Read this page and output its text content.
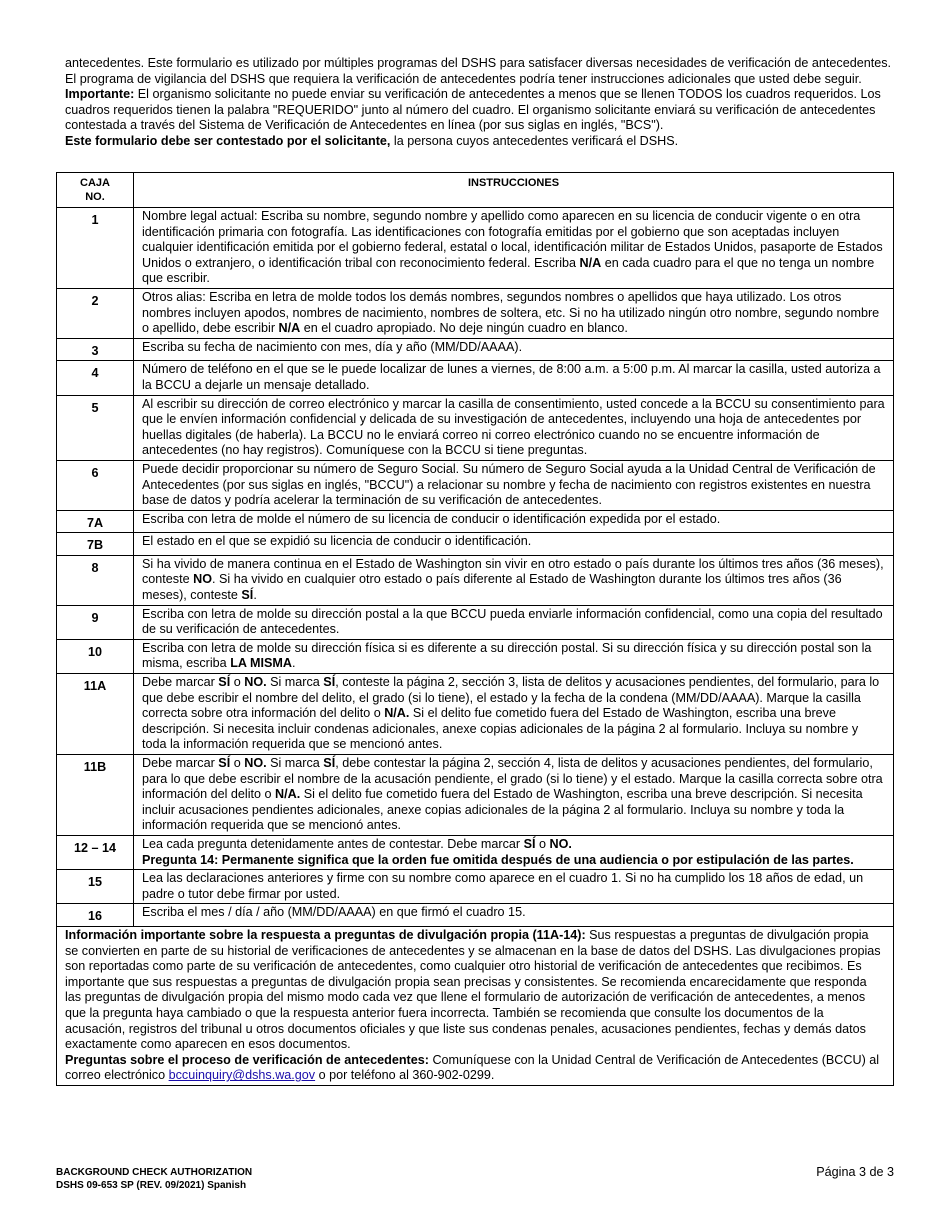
antecedentes. Este formulario es utilizado por múltiples programas del DSHS para satisfacer diversas necesidades de verificación de antecedentes. El programa de vigilancia del DSHS que requiera la verificación de antecedentes podría tener instrucciones adicionales que usted debe seguir.

Importante: El organismo solicitante no puede enviar su verificación de antecedentes a menos que se llenen TODOS los cuadros requeridos. Los cuadros requeridos tienen la palabra "REQUERIDO" junto al número del cuadro. El organismo solicitante enviará su verificación de antecedentes contestada a través del Sistema de Verificación de Antecedentes en línea (por sus siglas en inglés, "BCS").

Este formulario debe ser contestado por el solicitante, la persona cuyos antecedentes verificará el DSHS.

CAJA
NO.	INSTRUCCIONES
1	Nombre legal actual: Escriba su nombre, segundo nombre y apellido como aparecen en su licencia de conducir vigente o en otra identificación primaria con fotografía. Las identificaciones con fotografía emitidas por el gobierno que son aceptadas incluyen cualquier identificación emitida por el gobierno federal, estatal o local, identificación militar de Estados Unidos, pasaporte de Estados Unidos o extranjero, o identificación tribal con reconocimiento federal. Escriba N/A en cada cuadro para el que no tenga un nombre que escribir.
2	Otros alias: Escriba en letra de molde todos los demás nombres, segundos nombres o apellidos que haya utilizado. Los otros nombres incluyen apodos, nombres de nacimiento, nombres de soltera, etc. Si no ha utilizado ningún otro nombre, segundo nombre o apellido, debe escribir N/A en el cuadro apropiado. No deje ningún cuadro en blanco.
3	Escriba su fecha de nacimiento con mes, día y año (MM/DD/AAAA).
4	Número de teléfono en el que se le puede localizar de lunes a viernes, de 8:00 a.m. a 5:00 p.m. Al marcar la casilla, usted autoriza a la BCCU a dejarle un mensaje detallado.
5	Al escribir su dirección de correo electrónico y marcar la casilla de consentimiento, usted concede a la BCCU su consentimiento para que le envíen información confidencial y delicada de su investigación de antecedentes, incluyendo una hoja de antecedentes por huellas digitales (de haberla). La BCCU no le enviará correo ni correo electrónico cuando no se encuentre información de antecedentes (no hay registros). Comuníquese con la BCCU si tiene preguntas.
6	Puede decidir proporcionar su número de Seguro Social. Su número de Seguro Social ayuda a la Unidad Central de Verificación de Antecedentes (por sus siglas en inglés, "BCCU") a relacionar su nombre y fecha de nacimiento con registros existentes en nuestra base de datos y podría acelerar la terminación de su verificación de antecedentes.
7A	Escriba con letra de molde el número de su licencia de conducir o identificación expedida por el estado.
7B	El estado en el que se expidió su licencia de conducir o identificación.
8	Si ha vivido de manera continua en el Estado de Washington sin vivir en otro estado o país durante los últimos tres años (36 meses), conteste NO. Si ha vivido en cualquier otro estado o país diferente al Estado de Washington durante los últimos tres años (36 meses), conteste SÍ.
9	Escriba con letra de molde su dirección postal a la que BCCU pueda enviarle información confidencial, como una copia del resultado de su verificación de antecedentes.
10	Escriba con letra de molde su dirección física si es diferente a su dirección postal. Si su dirección física y su dirección postal son la misma, escriba LA MISMA.
11A	Debe marcar SÍ o NO. Si marca SÍ, conteste la página 2, sección 3, lista de delitos y acusaciones pendientes, del formulario, para lo que debe escribir el nombre del delito, el grado (si lo tiene), el estado y la fecha de la condena (MM/DD/AAAA). Marque la casilla correcta sobre otra información del delito o N/A. Si el delito fue cometido fuera del Estado de Washington, escriba una breve descripción. Si necesita incluir condenas adicionales, anexe copias adicionales de la página 2 al formulario. Incluya su nombre y toda la información requerida que se mencionó antes.
11B	Debe marcar SÍ o NO. Si marca SÍ, debe contestar la página 2, sección 4, lista de delitos y acusaciones pendientes, del formulario, para lo que debe escribir el nombre de la acusación pendiente, el grado (si lo tiene) y el estado. Marque la casilla correcta sobre otra información del delito o N/A. Si el delito fue cometido fuera del Estado de Washington, escriba una breve descripción. Si necesita incluir acusaciones pendientes adicionales, anexe copias adicionales de la página 2 al formulario. Incluya su nombre y toda la información requerida que se mencionó antes.
12 – 14	Lea cada pregunta detenidamente antes de contestar. Debe marcar SÍ o NO.
Pregunta 14: Permanente significa que la orden fue omitida después de una audiencia o por estipulación de las partes.
15	Lea las declaraciones anteriores y firme con su nombre como aparece en el cuadro 1. Si no ha cumplido los 18 años de edad, un padre o tutor debe firmar por usted.
16	Escriba el mes / día / año (MM/DD/AAAA) en que firmó el cuadro 15.

Información importante sobre la respuesta a preguntas de divulgación propia (11A-14): Sus respuestas a preguntas de divulgación propia se convierten en parte de su historial de verificaciones de antecedentes y se almacenan en la base de datos del DSHS. Las divulgaciones propias son reportadas como parte de su verificación de antecedentes, como cualquier otro historial de verificación de antecedentes que recibimos. Es importante que sus respuestas a preguntas de divulgación propia sean precisas y consistentes. Se recomienda encarecidamente que responda las preguntas de divulgación propia del mismo modo cada vez que llene el formulario de autorización de verificación de antecedentes, a menos que la pregunta haya cambiado o que la respuesta anterior fuera incorrecta. También se recomienda que consulte los documentos de la acusación, registros del tribunal u otros documentos oficiales y que liste sus condenas penales, acusaciones pendientes, fechas y demás datos exactamente como aparecen en esos documentos.

Preguntas sobre el proceso de verificación de antecedentes: Comuníquese con la Unidad Central de Verificación de Antecedentes (BCCU) al correo electrónico bccuinquiry@dshs.wa.gov o por teléfono al 360-902-0299.	

BACKGROUND CHECK AUTHORIZATION
DSHS 09-653 SP (REV. 09/2021) Spanish
Página 3 de 3
